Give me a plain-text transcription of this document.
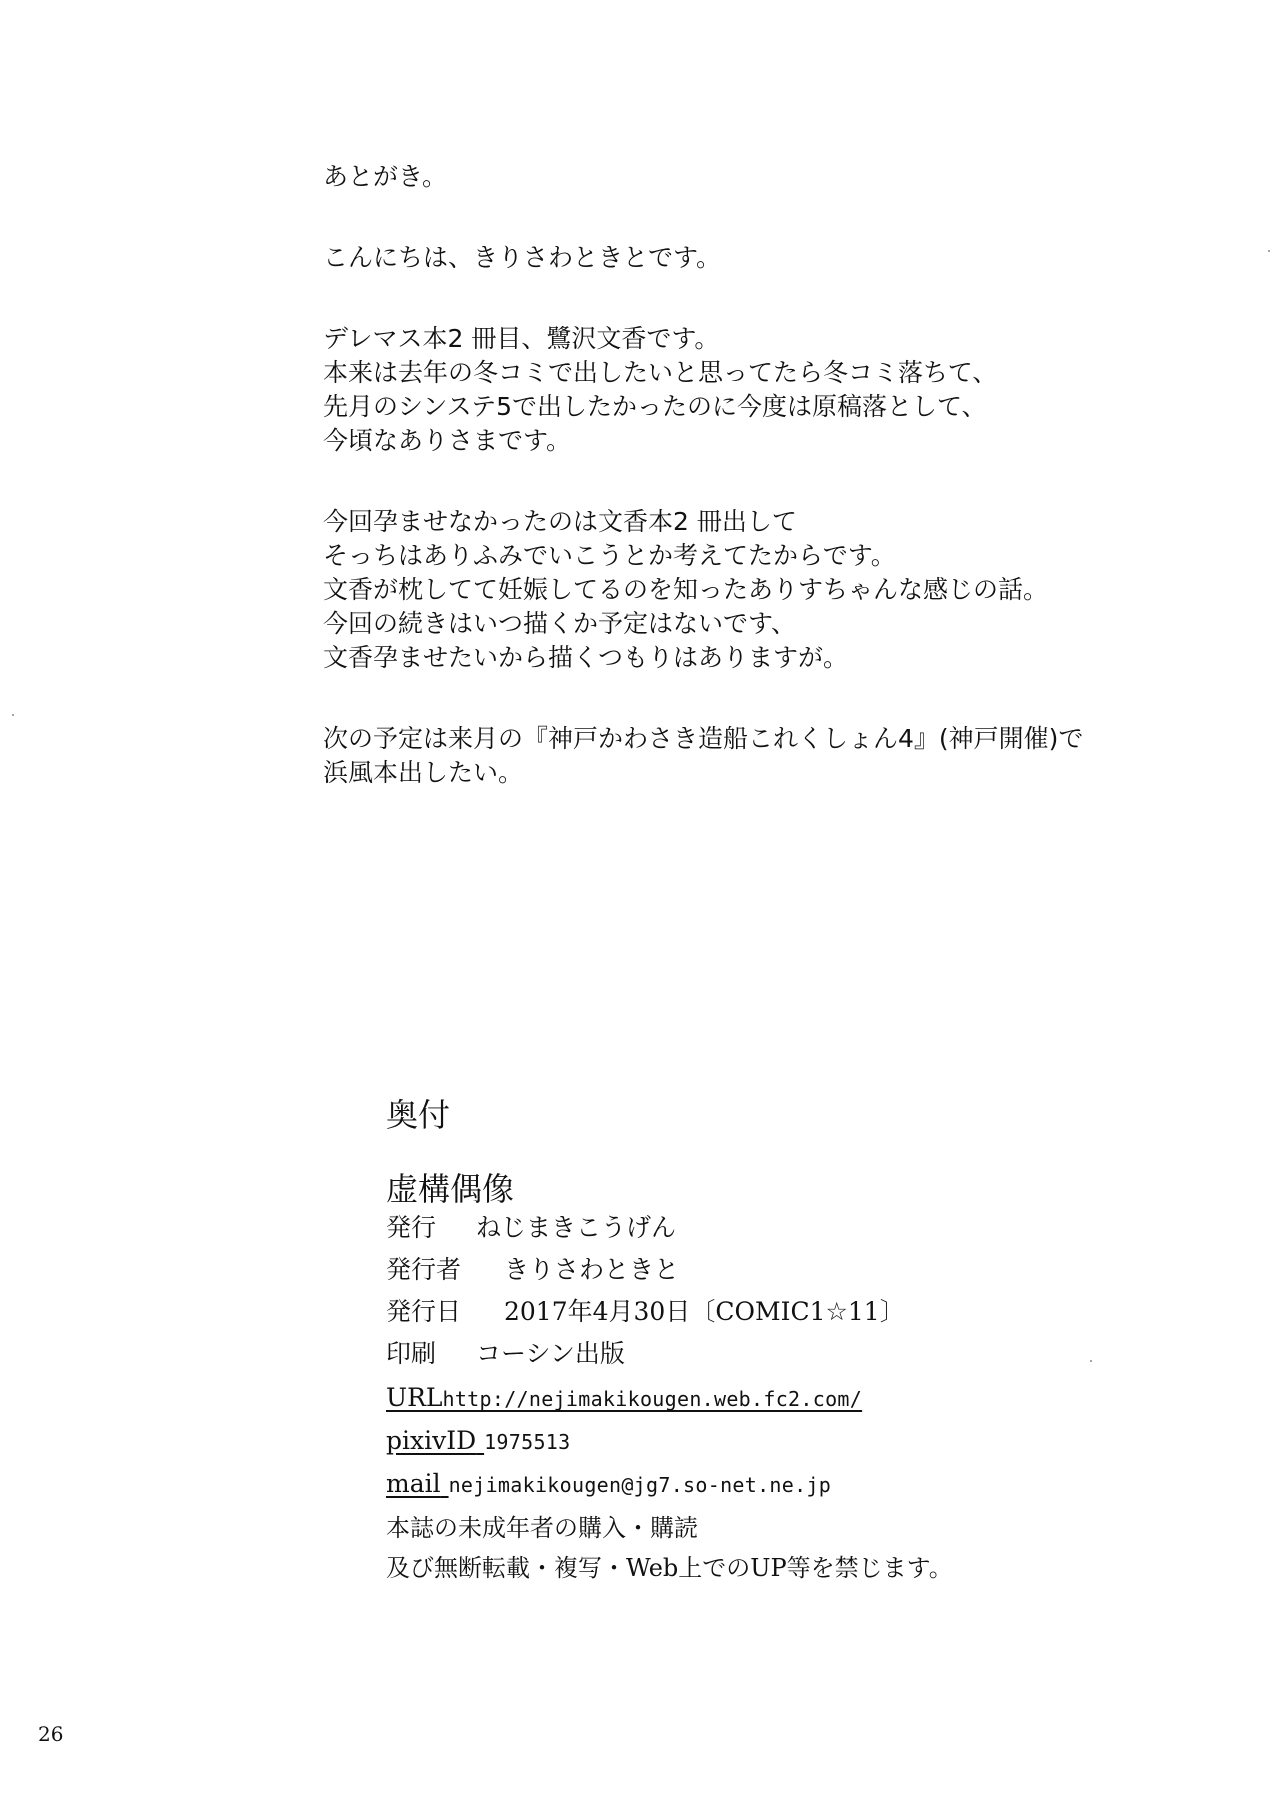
あとがき。

こんにちは、きりさわときとです。

デレマス本2 冊目、鷺沢文香です。

本来は去年の冬コミで出したいと思ってたら冬コミ落ちて、

先月のシンステ5で出したかったのに今度は原稿落として、

今頃なありさまです。

今回孕ませなかったのは文香本2 冊出して

そっちはありふみでいこうとか考えてたからです。

文香が枕してて妊娠してるのを知ったありすちゃんな感じの話。

今回の続きはいつ描くか予定はないです、

文香孕ませたいから描くつもりはありますが。

次の予定は来月の『神戸かわさき造船これくしょん4』(神戸開催)で

浜風本出したい。

奥付

虚構偶像

発行 ねじまきこうげん

発行者 きりさわときと

発行日 2017年4月30日〔COMIC1☆11〕

印刷 コーシン出版

URLhttp://nejimakikougen.web.fc2.com/

pixivID 1975513

mail nejimakikougen@jg7.so-net.ne.jp

本誌の未成年者の購入・購読

及び無断転載・複写・Web上でのUP等を禁じます。

26
